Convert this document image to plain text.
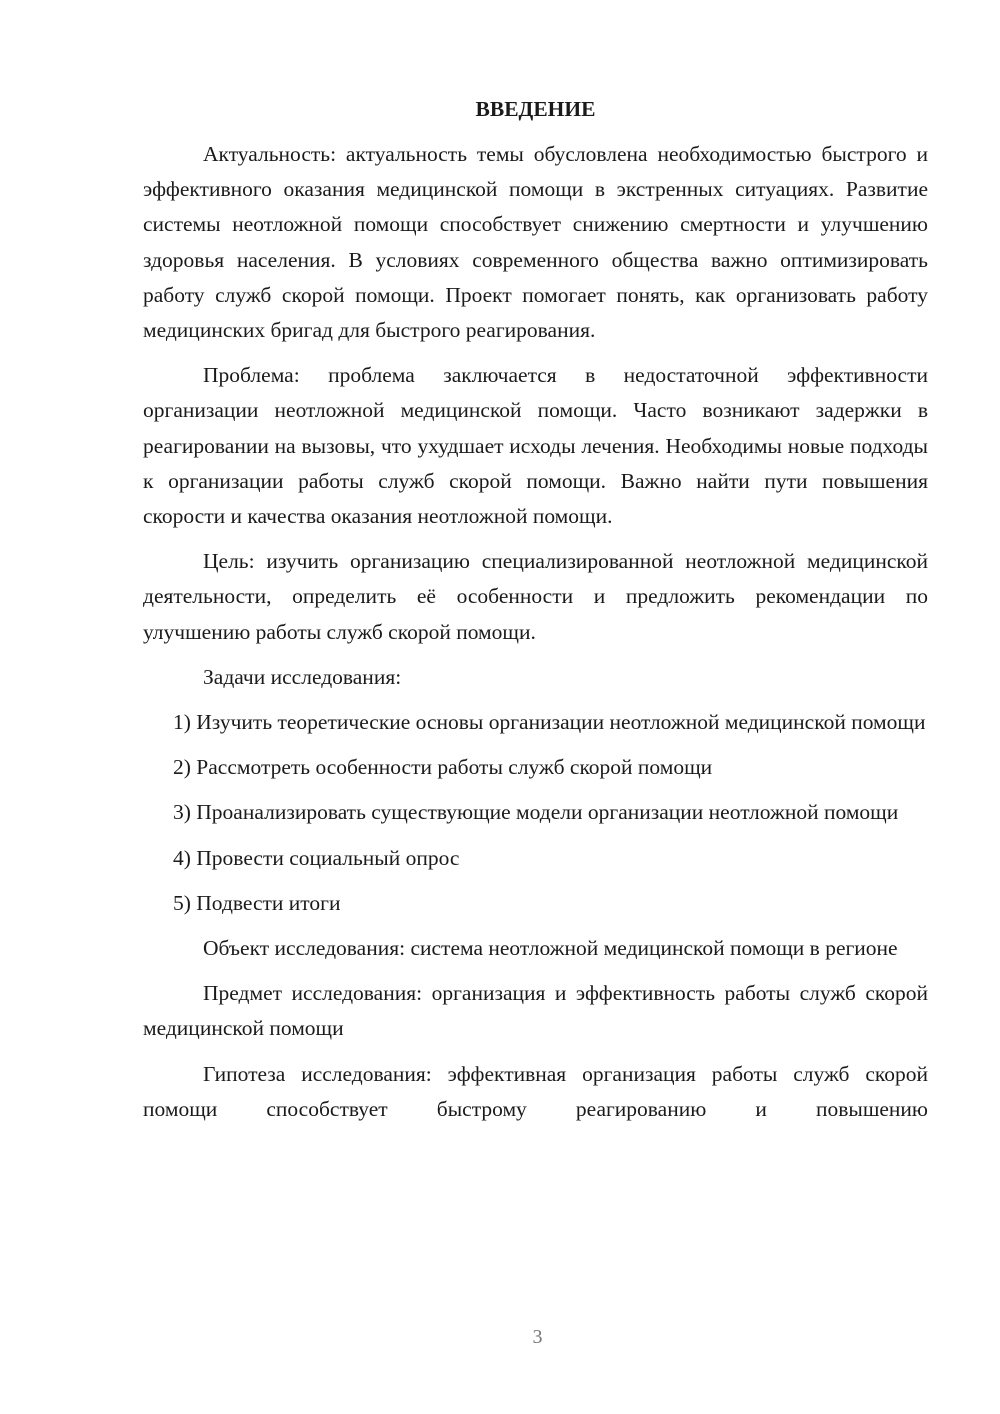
ВВЕДЕНИЕ

Актуальность: актуальность темы обусловлена необходимостью быстрого и эффективного оказания медицинской помощи в экстренных ситуациях. Развитие системы неотложной помощи способствует снижению смертности и улучшению здоровья населения. В условиях современного общества важно оптимизировать работу служб скорой помощи. Проект помогает понять, как организовать работу медицинских бригад для быстрого реагирования.

Проблема: проблема заключается в недостаточной эффективности организации неотложной медицинской помощи. Часто возникают задержки в реагировании на вызовы, что ухудшает исходы лечения. Необходимы новые подходы к организации работы служб скорой помощи. Важно найти пути повышения скорости и качества оказания неотложной помощи.

Цель: изучить организацию специализированной неотложной медицинской деятельности, определить её особенности и предложить рекомендации по улучшению работы служб скорой помощи.

Задачи исследования:

1) Изучить теоретические основы организации неотложной медицинской помощи

2) Рассмотреть особенности работы служб скорой помощи

3) Проанализировать существующие модели организации неотложной помощи

4) Провести социальный опрос

5) Подвести итоги

Объект исследования: система неотложной медицинской помощи в регионе

Предмет исследования: организация и эффективность работы служб скорой медицинской помощи

Гипотеза исследования: эффективная организация работы служб скорой помощи способствует быстрому реагированию и повышению

3
